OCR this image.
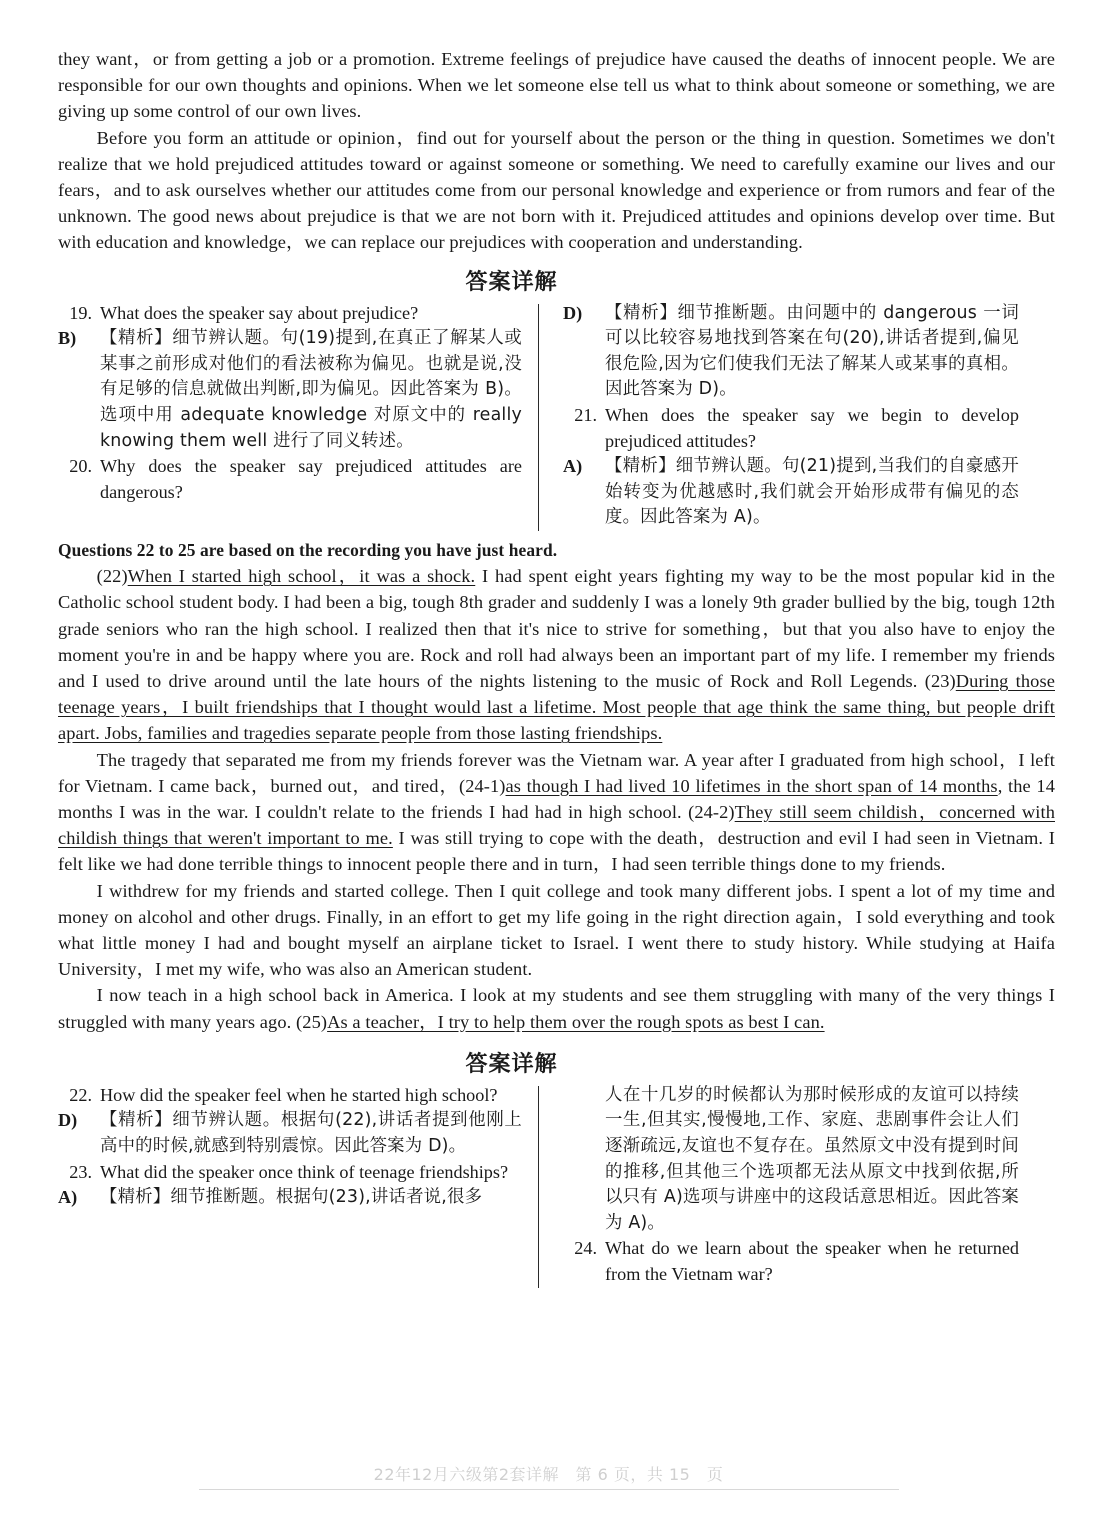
they want，or from getting a job or a promotion. Extreme feelings of prejudice have caused the deaths of innocent people. We are responsible for our own thoughts and opinions. When we let someone else tell us what to think about someone or something, we are giving up some control of our own lives.

Before you form an attitude or opinion，find out for yourself about the person or the thing in question. Sometimes we don't realize that we hold prejudiced attitudes toward or against someone or something. We need to carefully examine our lives and our fears，and to ask ourselves whether our attitudes come from our personal knowledge and experience or from rumors and fear of the unknown. The good news about prejudice is that we are not born with it. Prejudiced attitudes and opinions develop over time. But with education and knowledge，we can replace our prejudices with cooperation and understanding.

答案详解
19. What does the speaker say about prejudice?
B)	【精析】细节辨认题。句(19)提到,在真正了解某人或某事之前形成对他们的看法被称为偏见。也就是说,没有足够的信息就做出判断,即为偏见。因此答案为 B)。选项中用 adequate knowledge 对原文中的 really knowing them well 进行了同义转述。
20. Why does the speaker say prejudiced attitudes are dangerous?
D)	【精析】细节推断题。由问题中的 dangerous 一词可以比较容易地找到答案在句(20),讲话者提到,偏见很危险,因为它们使我们无法了解某人或某事的真相。因此答案为 D)。
21. When does the speaker say we begin to develop prejudiced attitudes?
A)	【精析】细节辨认题。句(21)提到,当我们的自豪感开始转变为优越感时,我们就会开始形成带有偏见的态度。因此答案为 A)。

Questions 22 to 25 are based on the recording you have just heard.

(22)When I started high school，it was a shock. I had spent eight years fighting my way to be the most popular kid in the Catholic school student body. I had been a big, tough 8th grader and suddenly I was a lonely 9th grader bullied by the big, tough 12th grade seniors who ran the high school. I realized then that it's nice to strive for something，but that you also have to enjoy the moment you're in and be happy where you are. Rock and roll had always been an important part of my life. I remember my friends and I used to drive around until the late hours of the nights listening to the music of Rock and Roll Legends. (23)During those teenage years，I built friendships that I thought would last a lifetime. Most people that age think the same thing, but people drift apart. Jobs, families and tragedies separate people from those lasting friendships.

The tragedy that separated me from my friends forever was the Vietnam war. A year after I graduated from high school，I left for Vietnam. I came back，burned out，and tired，(24-1)as though I had lived 10 lifetimes in the short span of 14 months, the 14 months I was in the war. I couldn't relate to the friends I had had in high school. (24-2)They still seem childish，concerned with childish things that weren't important to me. I was still trying to cope with the death，destruction and evil I had seen in Vietnam. I felt like we had done terrible things to innocent people there and in turn，I had seen terrible things done to my friends.

I withdrew for my friends and started college. Then I quit college and took many different jobs. I spent a lot of my time and money on alcohol and other drugs. Finally, in an effort to get my life going in the right direction again，I sold everything and took what little money I had and bought myself an airplane ticket to Israel. I went there to study history. While studying at Haifa University，I met my wife, who was also an American student.

I now teach in a high school back in America. I look at my students and see them struggling with many of the very things I struggled with many years ago. (25)As a teacher，I try to help them over the rough spots as best I can.

答案详解
22. How did the speaker feel when he started high school?
D)	【精析】细节辨认题。根据句(22),讲话者提到他刚上高中的时候,就感到特别震惊。因此答案为 D)。
23. What did the speaker once think of teenage friendships?
A)	【精析】细节推断题。根据句(23),讲话者说,很多
人在十几岁的时候都认为那时候形成的友谊可以持续一生,但其实,慢慢地,工作、家庭、悲剧事件会让人们逐渐疏远,友谊也不复存在。虽然原文中没有提到时间的推移,但其他三个选项都无法从原文中找到依据,所以只有 A)选项与讲座中的这段话意思相近。因此答案为 A)。
24. What do we learn about the speaker when he returned from the Vietnam war?
22年12月六级第2套详解　第 6 页，共 15　页
